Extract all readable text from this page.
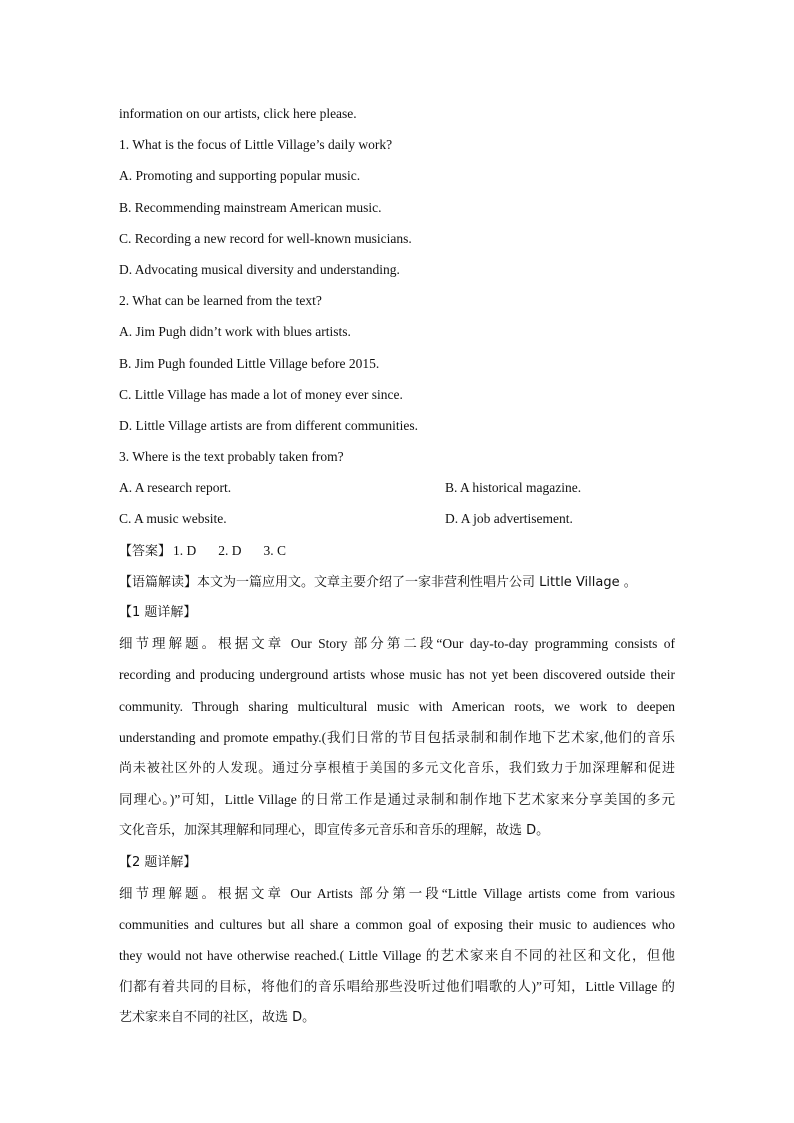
information on our artists, click here please.
1. What is the focus of Little Village’s daily work?
A. Promoting and supporting popular music.
B. Recommending mainstream American music.
C. Recording a new record for well-known musicians.
D. Advocating musical diversity and understanding.
2. What can be learned from the text?
A. Jim Pugh didn’t work with blues artists.
B. Jim Pugh founded Little Village before 2015.
C. Little Village has made a lot of money ever since.
D. Little Village artists are from different communities.
3. Where is the text probably taken from?
A. A research report.	B. A historical magazine.
C. A music website.	D. A job advertisement.
【答案】 1. D 2. D 3. C
【语篇解读】本文为一篇应用文。文章主要介绍了一家非营利性唱片公司 Little Village 。
【1 题详解】
细节理解题。根据文章 Our Story 部分第二段“Our day-to-day programming consists of
recording and producing underground artists whose music has not yet been discovered outside their
community. Through sharing multicultural music with American roots, we work to deepen
understanding and promote empathy.(我们日常的节目包括录制和制作地下艺术家,他们的音乐
尚未被社区外的人发现。通过分享根植于美国的多元文化音乐，我们致力于加深理解和促进
同理心。)”可知，Little Village 的日常工作是通过录制和制作地下艺术家来分享美国的多元
文化音乐，加深其理解和同理心，即宣传多元音乐和音乐的理解，故选 D。
【2 题详解】
细节理解题。根据文章 Our Artists 部分第一段“Little Village artists come from various
communities and cultures but all share a common goal of exposing their music to audiences who
they would not have otherwise reached.( Little Village 的艺术家来自不同的社区和文化，但他
们都有着共同的目标，将他们的音乐唱给那些没听过他们唱歌的人)”可知，Little Village 的
艺术家来自不同的社区，故选 D。
